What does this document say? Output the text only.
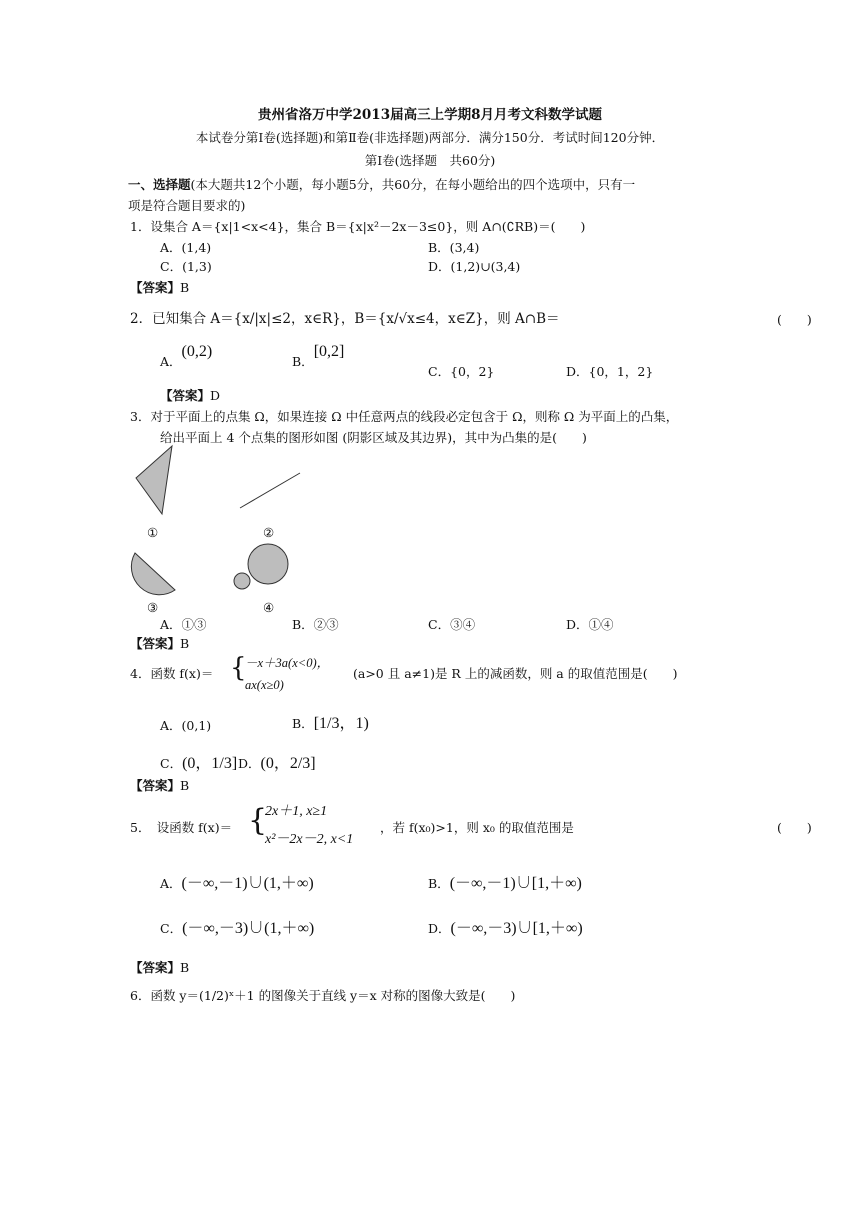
贵州省洛万中学2013届高三上学期8月月考文科数学试题
本试卷分第Ⅰ卷(选择题)和第Ⅱ卷(非选择题)两部分．满分150分．考试时间120分钟．
第Ⅰ卷(选择题　共60分)
一、选择题(本大题共12个小题，每小题5分，共60分，在每小题给出的四个选项中，只有一
项是符合题目要求的)
1．设集合 A＝{x|1<x<4}，集合 B＝{x|x²－2x－3≤0}，则 A∩(∁RB)＝(　　)
A．(1,4)	B．(3,4)
C．(1,3)	D．(1,2)∪(3,4)
【答案】B
2．已知集合 A＝{x/|x|≤2，x∈R}，B＝{x/√x≤4，x∈Z}，则 A∩B＝	(　　)
A．(0,2)
B．[0,2]
C．{0，2}	D．{0，1，2}
【答案】D
3．对于平面上的点集 Ω，如果连接 Ω 中任意两点的线段必定包含于 Ω，则称 Ω 为平面上的凸集，
给出平面上 4 个点集的图形如图 (阴影区域及其边界)，其中为凸集的是(　　)
①	②
③	④
A．①③	B．②③	C．③④	D．①④
【答案】B
4．函数 f(x)＝ {
－x＋3a(x<0)，
ax(x≥0)
(a>0 且 a≠1)是 R 上的减函数，则 a 的取值范围是(　　)
A．(0,1)	B．[1/3，1)
C．(0，1/3] D．(0，2/3]
【答案】B
5．　设函数 f(x)＝ {
2x＋1, x≥1
x²－2x－2, x<1
，若 f(x₀)>1，则 x₀ 的取值范围是	(　　)
A．(－∞,－1)∪(1,＋∞)	B．(－∞,－1)∪[1,＋∞)
C．(－∞,－3)∪(1,＋∞)	D．(－∞,－3)∪[1,＋∞)
【答案】B
6．函数 y＝(1/2)ˣ＋1 的图像关于直线 y＝x 对称的图像大致是(　　)
